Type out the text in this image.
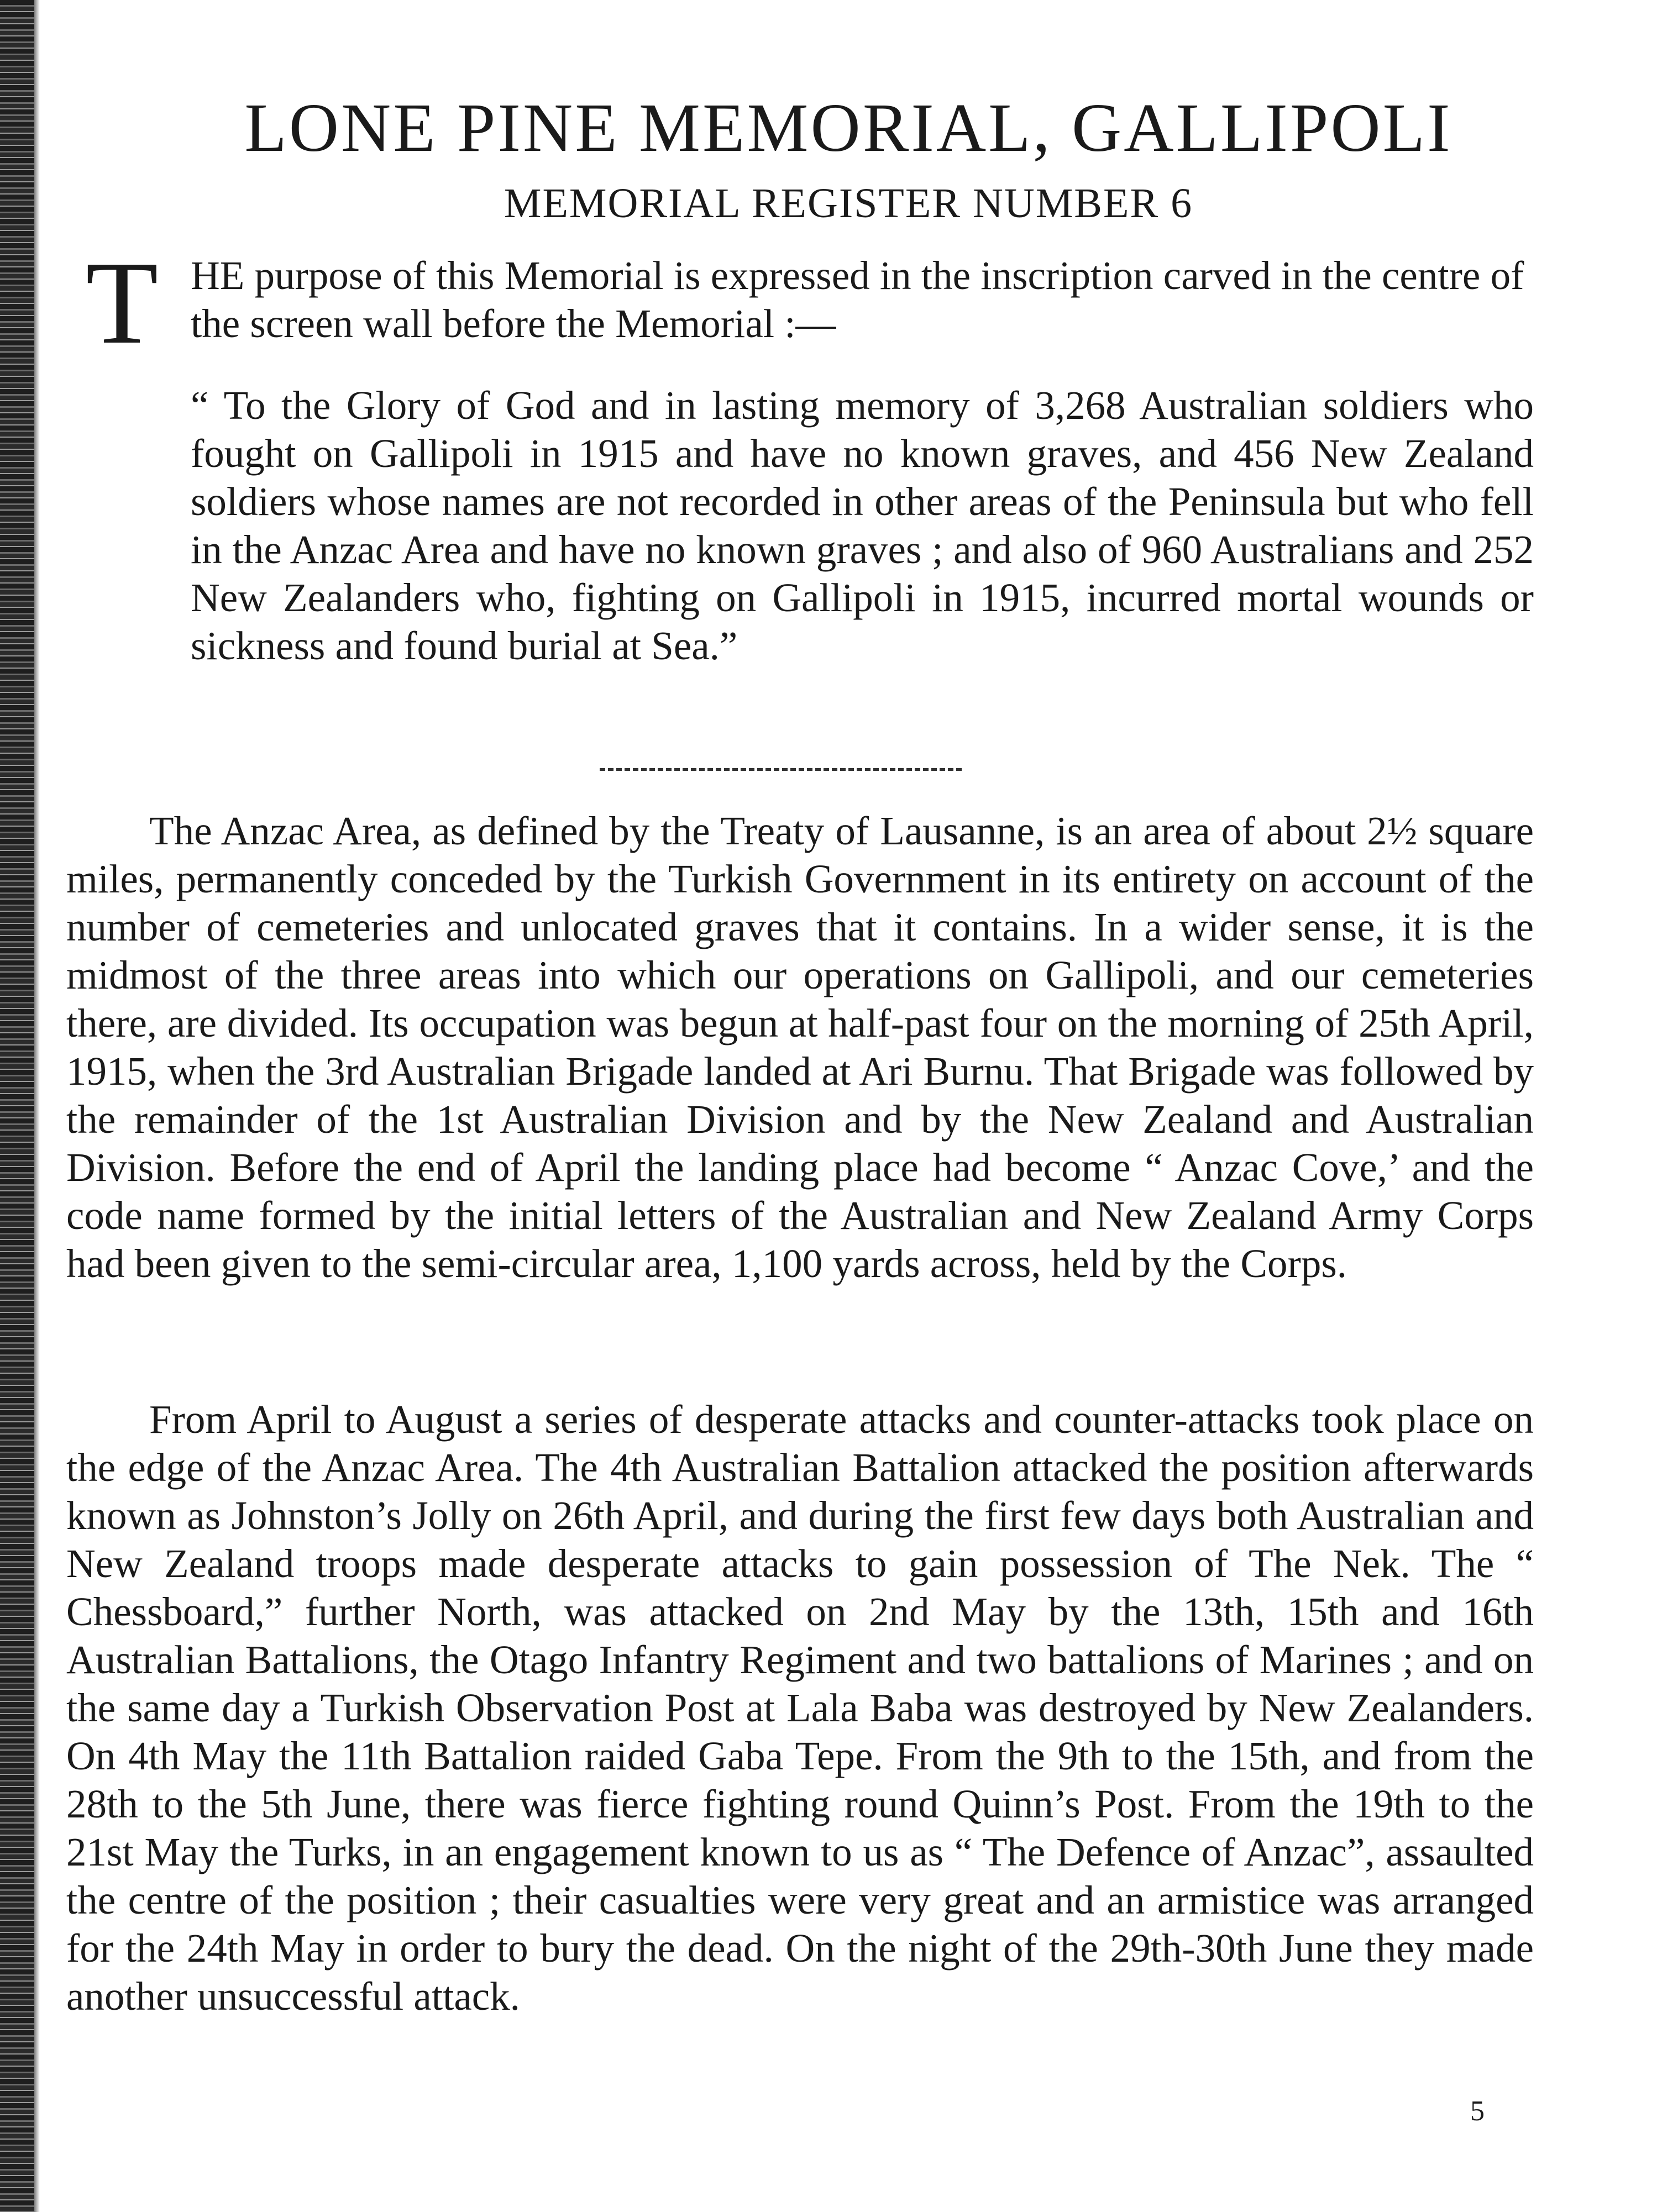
LONE PINE MEMORIAL, GALLIPOLI
MEMORIAL REGISTER NUMBER 6
T HE purpose of this Memorial is expressed in the inscription carved in the centre of the screen wall before the Memorial :—

“ To the Glory of God and in lasting memory of 3,268 Australian soldiers who fought on Gallipoli in 1915 and have no known graves, and 456 New Zealand soldiers whose names are not recorded in other areas of the Peninsula but who fell in the Anzac Area and have no known graves ; and also of 960 Australians and 252 New Zealanders who, fighting on Gallipoli in 1915, incurred mortal wounds or sickness and found burial at Sea.”

The Anzac Area, as defined by the Treaty of Lausanne, is an area of about 2½ square miles, permanently conceded by the Turkish Government in its entirety on account of the number of cemeteries and unlocated graves that it contains. In a wider sense, it is the midmost of the three areas into which our operations on Gallipoli, and our cemeteries there, are divided. Its occupation was begun at half-past four on the morning of 25th April, 1915, when the 3rd Australian Brigade landed at Ari Burnu. That Brigade was followed by the remainder of the 1st Australian Division and by the New Zealand and Australian Division. Before the end of April the landing place had become “ Anzac Cove,’ and the code name formed by the initial letters of the Australian and New Zealand Army Corps had been given to the semi-circular area, 1,100 yards across, held by the Corps.

From April to August a series of desperate attacks and counter-attacks took place on the edge of the Anzac Area. The 4th Australian Battalion attacked the position afterwards known as Johnston’s Jolly on 26th April, and during the first few days both Australian and New Zealand troops made desperate attacks to gain possession of The Nek. The “ Chessboard,” further North, was attacked on 2nd May by the 13th, 15th and 16th Australian Battalions, the Otago Infantry Regiment and two battalions of Marines ; and on the same day a Turkish Observation Post at Lala Baba was destroyed by New Zealanders. On 4th May the 11th Battalion raided Gaba Tepe. From the 9th to the 15th, and from the 28th to the 5th June, there was fierce fighting round Quinn’s Post. From the 19th to the 21st May the Turks, in an engagement known to us as “ The Defence of Anzac”, assaulted the centre of the position ; their casualties were very great and an armistice was arranged for the 24th May in order to bury the dead. On the night of the 29th-30th June they made another unsuccessful attack.

5
